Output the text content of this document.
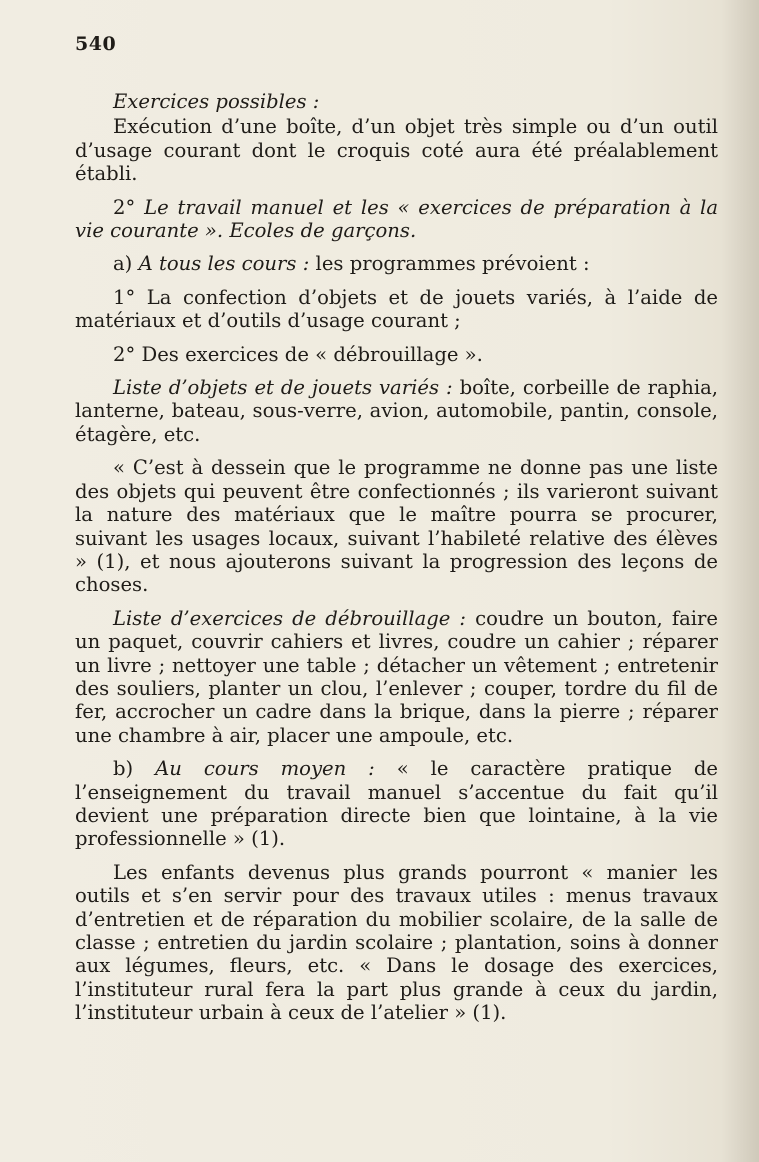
540

Exercices possibles :

Exécution d’une boîte, d’un objet très simple ou d’un outil d’usage courant dont le croquis coté aura été préalablement établi.

2° Le travail manuel et les « exercices de préparation à la vie courante ». Ecoles de garçons.

a) A tous les cours : les programmes prévoient :

1° La confection d’objets et de jouets variés, à l’aide de matériaux et d’outils d’usage courant ;

2° Des exercices de « débrouillage ».

Liste d’objets et de jouets variés : boîte, corbeille de raphia, lanterne, bateau, sous-verre, avion, automobile, pantin, console, étagère, etc.

« C’est à dessein que le programme ne donne pas une liste des objets qui peuvent être confectionnés ; ils varieront suivant la nature des matériaux que le maître pourra se procurer, suivant les usages locaux, suivant l’habileté relative des élèves » (1), et nous ajouterons suivant la progression des leçons de choses.

Liste d’exercices de débrouillage : coudre un bouton, faire un paquet, couvrir cahiers et livres, coudre un cahier ; réparer un livre ; nettoyer une table ; détacher un vêtement ; entretenir des souliers, planter un clou, l’enlever ; couper, tordre du fil de fer, accrocher un cadre dans la brique, dans la pierre ; réparer une chambre à air, placer une ampoule, etc.

b) Au cours moyen : « le caractère pratique de l’enseignement du travail manuel s’accentue du fait qu’il devient une préparation directe bien que lointaine, à la vie professionnelle » (1).

Les enfants devenus plus grands pourront « manier les outils et s’en servir pour des travaux utiles : menus travaux d’entretien et de réparation du mobilier scolaire, de la salle de classe ; entretien du jardin scolaire ; plantation, soins à donner aux légumes, fleurs, etc. « Dans le dosage des exercices, l’instituteur rural fera la part plus grande à ceux du jardin, l’instituteur urbain à ceux de l’atelier » (1).
